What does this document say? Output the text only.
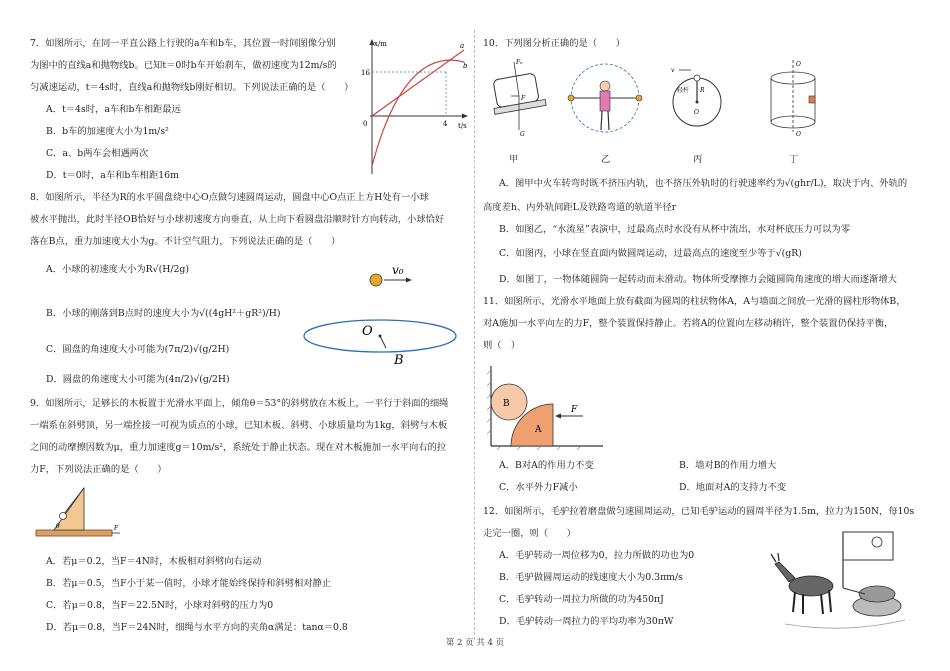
7．如图所示，在同一平直公路上行驶的a车和b车，其位置一时间图像分别
为图中的直线a和抛物线b。已知t＝0时b车开始刹车，做初速度为12m/s的
匀减速运动，t＝4s时，直线a和抛物线b刚好相切。下列说法正确的是（　　）
A．t＝4s时，a车和b车相距最远
B．b车的加速度大小为1m/s²
C．a、b两车会相遇两次
D．t＝0时，a车和b车相距16m
x/m
t/s
16
4
0
a
b
8．如图所示，半径为R的水平圆盘绕中心O点做匀速圆周运动，圆盘中心O点正上方H处有一小球
被水平抛出，此时半径OB恰好与小球初速度方向垂直，从上向下看圆盘沿顺时针方向转动，小球恰好
落在B点，重力加速度大小为g。不计空气阻力，下列说法正确的是（　　）
A．小球的初速度大小为R√(H/2g)
B．小球的刚落到B点时的速度大小为√((4gH²＋gR²)/H)
C．圆盘的角速度大小可能为(7π/2)√(g/2H)
D．圆盘的角速度大小可能为(4π/2)√(g/2H)
v₀
O
B
9．如图所示，足够长的木板置于光滑水平面上，倾角θ＝53°的斜劈放在木板上，一平行于斜面的细绳
一端系在斜劈顶，另一端拴接一可视为质点的小球，已知木板、斜劈、小球质量均为1kg，斜劈与木板
之间的动摩擦因数为μ，重力加速度g＝10m/s²，系统处于静止状态。现在对木板施加一水平向右的拉
力F，下列说法正确的是（　　）
θ	F
A．若μ＝0.2，当F＝4N时，木板相对斜劈向右运动
B．若μ＝0.5，当F小于某一值时，小球才能始终保持和斜劈相对静止
C．若μ＝0.8，当F＝22.5N时，小球对斜劈的压力为0
D．若μ＝0.8，当F＝24N时，细绳与水平方向的夹角α满足：tanα＝0.8
10．下列图分析正确的是（　　）
Fₙ
F
G
v
轻杆 R
O
O
O
甲	乙	丙	丁
A．图甲中火车转弯时既不挤压内轨，也不挤压外轨时的行驶速率约为√(ghr/L)，取决于内、外轨的
高度差h、内外轨间距L及铁路弯道的轨道半径r
B．如图乙，“水流星”表演中，过最高点时水没有从杯中流出，水对杯底压力可以为零
C．如图丙，小球在竖直面内做圆周运动，过最高点的速度至少等于√(gR)
D．如图丁，一物体随圆筒一起转动而未滑动。物体所受摩擦力会随圆筒角速度的增大而逐渐增大
11．如图所示，光滑水平地面上放有截面为圆周的柱状物体A，A与墙面之间放一光滑的圆柱形物体B，
对A施加一水平向左的力F，整个装置保持静止。若将A的位置向左移动稍许，整个装置仍保持平衡，
则（　）
B
A
F
A．B对A的作用力不变	B．墙对B的作用力增大
C．水平外力F减小	D．地面对A的支持力不变
12．如图所示，毛驴拉着磨盘做匀速圆周运动，已知毛驴运动的圆周半径为1.5m，拉力为150N，每10s
走完一圈，则（　　）
A．毛驴转动一周位移为0，拉力所做的功也为0
B．毛驴做圆周运动的线速度大小为0.3πm/s
C．毛驴转动一周拉力所做的功为450πJ
D．毛驴转动一周拉力的平均功率为30πW
第 2 页 共 4 页
